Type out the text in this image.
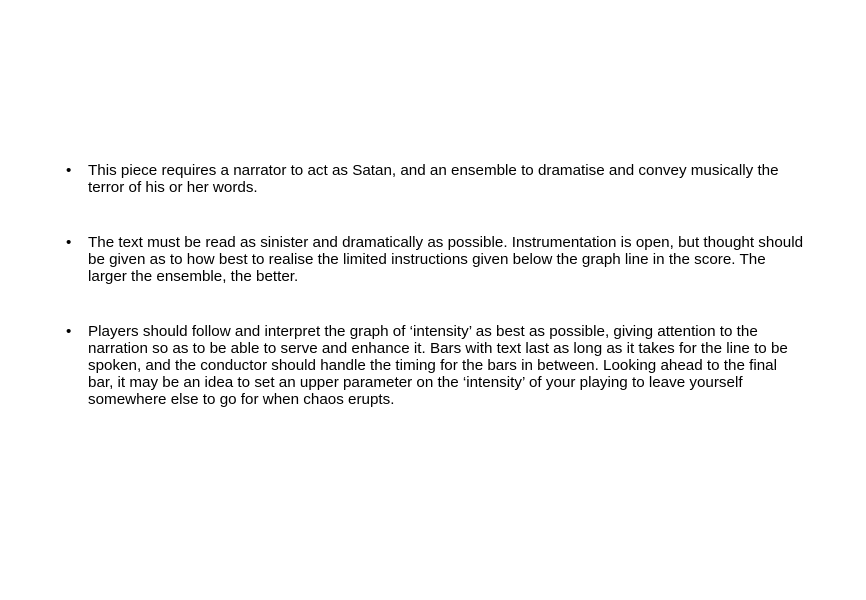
•	This piece requires a narrator to act as Satan, and an ensemble to dramatise and convey musically the terror of his or her words.
•	The text must be read as sinister and dramatically as possible. Instrumentation is open, but thought should be given as to how best to realise the limited instructions given below the graph line in the score. The larger the ensemble, the better.
•	Players should follow and interpret the graph of ‘intensity’ as best as possible, giving attention to the narration so as to be able to serve and enhance it. Bars with text last as long as it takes for the line to be spoken, and the conductor should handle the timing for the bars in between. Looking ahead to the final bar, it may be an idea to set an upper parameter on the ‘intensity’ of your playing to leave yourself somewhere else to go for when chaos erupts.
